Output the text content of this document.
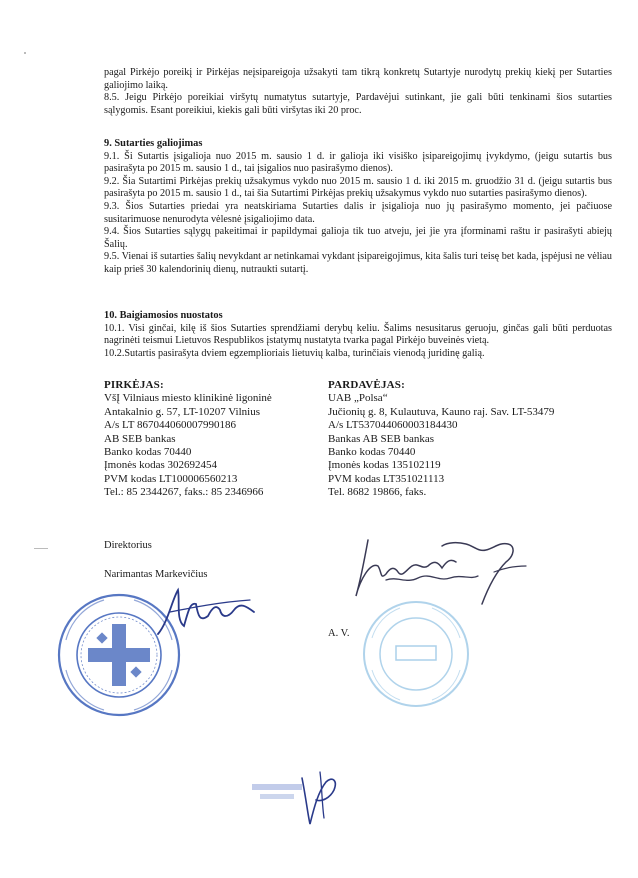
pagal Pirkėjo poreikį ir Pirkėjas neįsipareigoja užsakyti tam tikrą konkretų Sutartyje nurodytų prekių kiekį per Sutarties galiojimo laiką.

8.5. Jeigu Pirkėjo poreikiai viršytų numatytus sutartyje, Pardavėjui sutinkant, jie gali būti tenkinami šios sutarties sąlygomis. Esant poreikiui, kiekis gali būti viršytas iki 20 proc.

9. Sutarties galiojimas

9.1. Ši Sutartis įsigalioja nuo 2015 m. sausio 1 d. ir galioja iki visiško įsipareigojimų įvykdymo, (jeigu sutartis bus pasirašyta po 2015 m. sausio 1 d., tai įsigalios nuo pasirašymo dienos).

9.2. Šia Sutartimi Pirkėjas prekių užsakymus vykdo nuo 2015 m. sausio 1 d. iki 2015 m. gruodžio 31 d. (jeigu sutartis bus pasirašyta po 2015 m. sausio 1 d., tai šia Sutartimi Pirkėjas prekių užsakymus vykdo nuo sutarties pasirašymo dienos).

9.3. Šios Sutarties priedai yra neatskiriama Sutarties dalis ir įsigalioja nuo jų pasirašymo momento, jei pačiuose susitarimuose nenurodyta vėlesnė įsigaliojimo data.

9.4. Šios Sutarties sąlygų pakeitimai ir papildymai galioja tik tuo atveju, jei jie yra įforminami raštu ir pasirašyti abiejų Šalių.

9.5. Vienai iš sutarties šalių nevykdant ar netinkamai vykdant įsipareigojimus, kita šalis turi teisę bet kada, įspėjusi ne vėliau kaip prieš 30 kalendorinių dienų, nutraukti sutartį.

10. Baigiamosios nuostatos

10.1. Visi ginčai, kilę iš šios Sutarties sprendžiami derybų keliu. Šalims nesusitarus geruoju, ginčas gali būti perduotas nagrinėti teismui Lietuvos Respublikos įstatymų nustatyta tvarka pagal Pirkėjo buveinės vietą.

10.2.Sutartis pasirašyta dviem egzemplioriais lietuvių kalba, turinčiais vienodą juridinę galią.

PIRKĖJAS:
VšĮ Vilniaus miesto klinikinė ligoninė
Antakalnio g. 57, LT-10207 Vilnius
A/s LT 867044060007990186
AB SEB bankas
Banko kodas 70440
Įmonės kodas 302692454
PVM kodas LT100006560213
Tel.: 85 2344267, faks.: 85 2346966
PARDAVĖJAS:
UAB „Polsa“
Jučionių g. 8, Kulautuva, Kauno raj. Sav. LT-53479
A/s LT537044060003184430
Bankas AB SEB bankas
Banko kodas 70440
Įmonės kodas 135102119
PVM kodas LT351021113
Tel. 8682 19866, faks.
Direktorius
Narimantas Markevičius
A. V.
